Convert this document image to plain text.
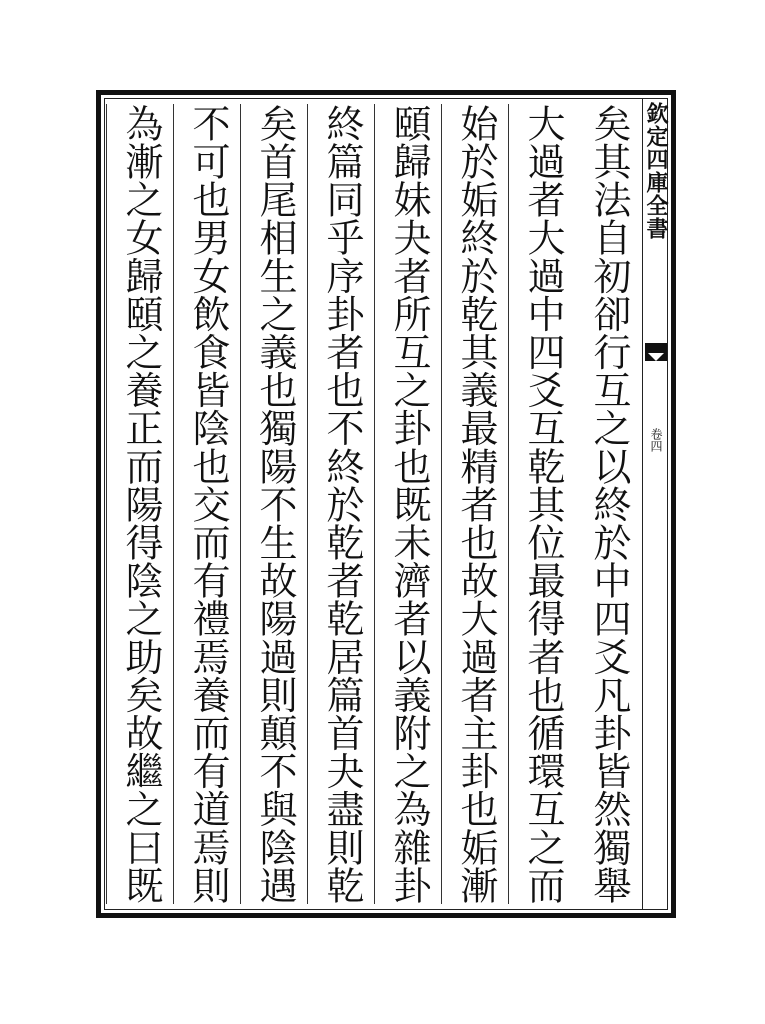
欽定四庫全書
卷四
矣其法自初卻行互之以終於中四爻凡卦皆然獨舉
大過者大過中四爻互乾其位最得者也循環互之而
始於姤終於乾其義最精者也故大過者主卦也姤漸
頤歸妹夬者所互之卦也既未濟者以義附之為雜卦
終篇同乎序卦者也不終於乾者乾居篇首夬盡則乾
矣首尾相生之義也獨陽不生故陽過則顛不與陰遇
不可也男女飲食皆陰也交而有禮焉養而有道焉則
為漸之女歸頤之養正而陽得陰之助矣故繼之曰既
